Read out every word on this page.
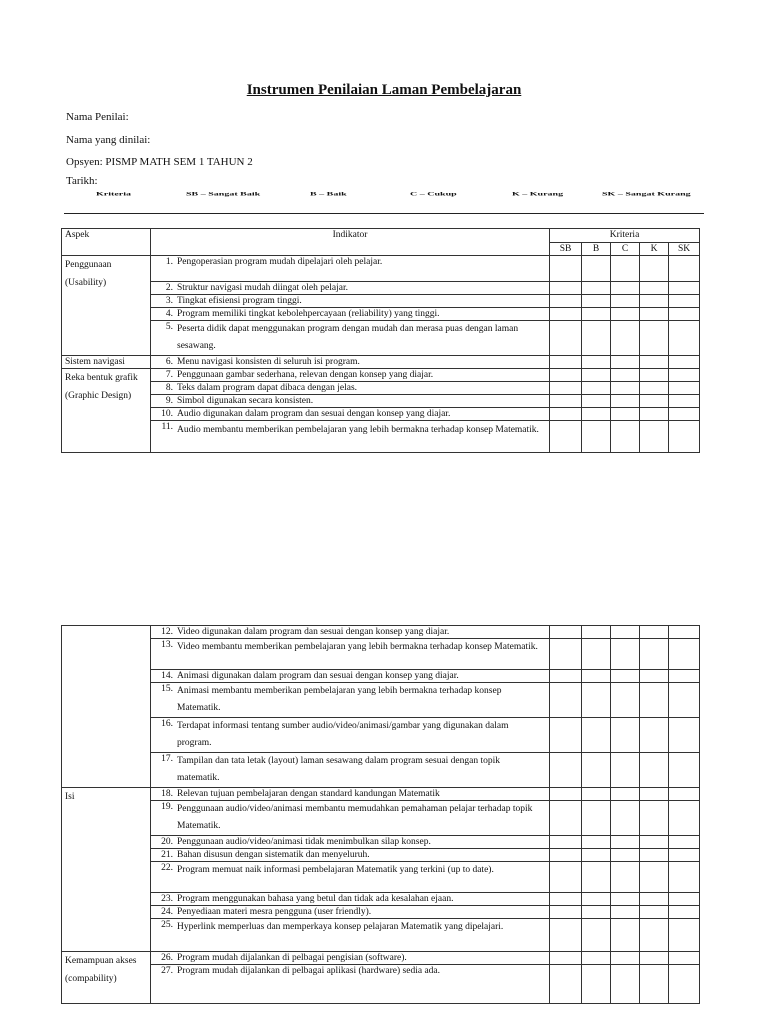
Instrumen Penilaian Laman Pembelajaran
Nama Penilai:
Nama yang dinilai:
Opsyen: PISMP MATH SEM 1 TAHUN 2
Tarikh:
Kriteria	SB – Sangat Baik	B – Baik	C – Cukup	K – Kurang	SK – Sangat Kurang
Aspek	Indikator	Kriteria				
		SB	B	C	K	SK
Penggunaan (Usability)	1. Pengoperasian program mudah dipelajari oleh pelajar.					
	2. Struktur navigasi mudah diingat oleh pelajar.					
	3. Tingkat efisiensi program tinggi.					
	4. Program memiliki tingkat kebolehpercayaan (reliability) yang tinggi.					
	5. Peserta didik dapat menggunakan program dengan mudah dan merasa puas dengan laman sesawang.					
Sistem navigasi	6. Menu navigasi konsisten di seluruh isi program.					
Reka bentuk grafik (Graphic Design)	7. Penggunaan gambar sederhana, relevan dengan konsep yang diajar.					
	8. Teks dalam program dapat dibaca dengan jelas.					
	9. Simbol digunakan secara konsisten.					
	10. Audio digunakan dalam program dan sesuai dengan konsep yang diajar.					
	11. Audio membantu memberikan pembelajaran yang lebih bermakna terhadap konsep Matematik.					
	12. Video digunakan dalam program dan sesuai dengan konsep yang diajar.					
	13. Video membantu memberikan pembelajaran yang lebih bermakna terhadap konsep Matematik.					
	14. Animasi digunakan dalam program dan sesuai dengan konsep yang diajar.					
	15. Animasi membantu memberikan pembelajaran yang lebih bermakna terhadap konsep Matematik.					
	16. Terdapat informasi tentang sumber audio/video/animasi/gambar yang digunakan dalam program.					
	17. Tampilan dan tata letak (layout) laman sesawang dalam program sesuai dengan topik matematik.					
Isi	18. Relevan tujuan pembelajaran dengan standard kandungan Matematik					
	19. Penggunaan audio/video/animasi membantu memudahkan pemahaman pelajar terhadap topik Matematik.					
	20. Penggunaan audio/video/animasi tidak menimbulkan silap konsep.					
	21. Bahan disusun dengan sistematik dan menyeluruh.					
	22. Program memuat naik informasi pembelajaran Matematik yang terkini (up to date).					
	23. Program menggunakan bahasa yang betul dan tidak ada kesalahan ejaan.					
	24. Penyediaan materi mesra pengguna (user friendly).					
	25. Hyperlink memperluas dan memperkaya konsep pelajaran Matematik yang dipelajari.					
Kemampuan akses (compability)	26. Program mudah dijalankan di pelbagai pengisian (software).					
	27. Program mudah dijalankan di pelbagai aplikasi (hardware) sedia ada.					
